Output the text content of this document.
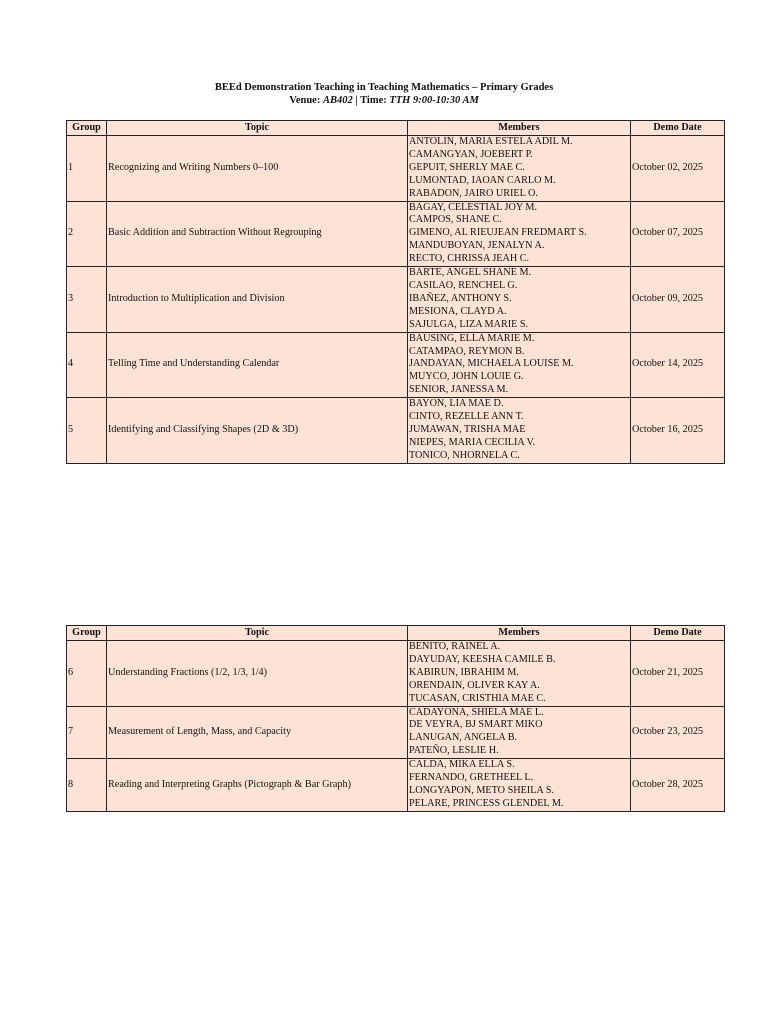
BEEd Demonstration Teaching in Teaching Mathematics – Primary Grades
Venue: AB402 | Time: TTH 9:00-10:30 AM
Group	Topic	Members	Demo Date
1	Recognizing and Writing Numbers 0–100	ANTOLIN, MARIA ESTELA ADIL M.
CAMANGYAN, JOEBERT P.
GEPUIT, SHERLY MAE C.
LUMONTAD, IAOAN CARLO M.
RABADON, JAIRO URIEL O.	October 02, 2025
2	Basic Addition and Subtraction Without Regrouping	BAGAY, CELESTIAL JOY M.
CAMPOS, SHANE C.
GIMENO, AL RIEUJEAN FREDMART S.
MANDUBOYAN, JENALYN A.
RECTO, CHRISSA JEAH C.	October 07, 2025
3	Introduction to Multiplication and Division	BARTE, ANGEL SHANE M.
CASILAO, RENCHEL G.
IBAÑEZ, ANTHONY S.
MESIONA, CLAYD A.
SAJULGA, LIZA MARIE S.	October 09, 2025
4	Telling Time and Understanding Calendar	BAUSING, ELLA MARIE M.
CATAMPAO, REYMON B.
JANDAYAN, MICHAELA LOUISE M.
MUYCO, JOHN LOUIE G.
SENIOR, JANESSA M.	October 14, 2025
5	Identifying and Classifying Shapes (2D & 3D)	BAYON, LIA MAE D.
CINTO, REZELLE ANN T.
JUMAWAN, TRISHA MAE
NIEPES, MARIA CECILIA V.
TONICO, NHORNELA C.	October 16, 2025
Group	Topic	Members	Demo Date
6	Understanding Fractions (1/2, 1/3, 1/4)	BENITO, RAINEL A.
DAYUDAY, KEESHA CAMILE B.
KABIRUN, IBRAHIM M.
ORENDAIN, OLIVER KAY A.
TUCASAN, CRISTHIA MAE C.	October 21, 2025
7	Measurement of Length, Mass, and Capacity	CADAYONA, SHIELA MAE L.
DE VEYRA, BJ SMART MIKO
LANUGAN, ANGELA B.
PATEÑO, LESLIE H.	October 23, 2025
8	Reading and Interpreting Graphs (Pictograph & Bar Graph)	CALDA, MIKA ELLA S.
FERNANDO, GRETHEEL L.
LONGYAPON, METO SHEILA S.
PELARE, PRINCESS GLENDEL M.	October 28, 2025
